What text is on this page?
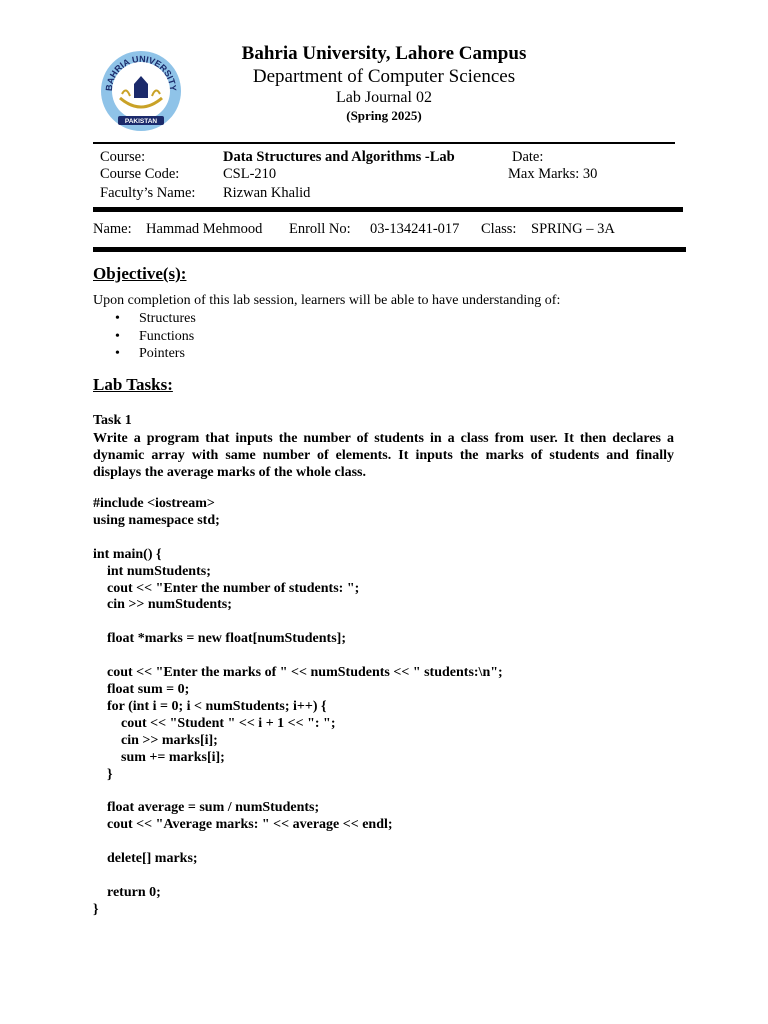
BAHRIA UNIVERSITY
PAKISTAN
Bahria University, Lahore Campus
Department of Computer Sciences
Lab Journal 02
(Spring 2025)
Course:	Data Structures and Algorithms -Lab	Date:
Course Code:	CSL-210	Max Marks: 30
Faculty’s Name: Rizwan Khalid
Name: Hammad Mehmood Enroll No: 03-134241-017 Class: SPRING – 3A
Objective(s):
Upon completion of this lab session, learners will be able to have understanding of:
• Structures
• Functions
• Pointers
Lab Tasks:
Task 1
Write a program that inputs the number of students in a class from user. It then declares a dynamic array with same number of elements. It inputs the marks of students and finally displays the average marks of the whole class.
#include <iostream>
using namespace std;

int main() {
int numStudents;
cout << "Enter the number of students: ";
cin >> numStudents;

float *marks = new float[numStudents];

cout << "Enter the marks of " << numStudents << " students:\n";
float sum = 0;
for (int i = 0; i < numStudents; i++) {
cout << "Student " << i + 1 << ": ";
cin >> marks[i];
sum += marks[i];
}

float average = sum / numStudents;
cout << "Average marks: " << average << endl;

delete[] marks;

return 0;
}
